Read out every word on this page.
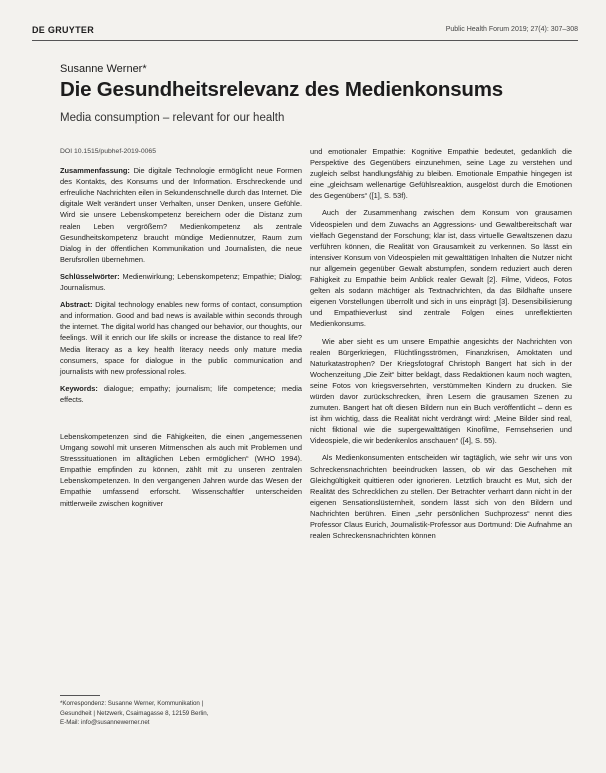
DE GRUYTER	Public Health Forum 2019; 27(4): 307–308
Susanne Werner*
Die Gesundheitsrelevanz des Medienkonsums
Media consumption – relevant for our health

DOI 10.1515/pubhef-2019-0065

Zusammenfassung: Die digitale Technologie ermöglicht neue Formen des Kontakts, des Konsums und der Information. Erschreckende und erfreuliche Nachrichten eilen in Sekundenschnelle durch das Internet. Die digitale Welt verändert unser Verhalten, unser Denken, unsere Gefühle. Wird sie unsere Lebenskompetenz bereichern oder die Distanz zum realen Leben vergrößern? Medienkompetenz als zentrale Gesundheitskompetenz braucht mündige Mediennutzer, Raum zum Dialog in der öffentlichen Kommunikation und Journalisten, die neue Berufsrollen übernehmen.

Schlüsselwörter: Medienwirkung; Lebenskompetenz; Empathie; Dialog; Journalismus.

Abstract: Digital technology enables new forms of contact, consumption and information. Good and bad news is available within seconds through the internet. The digital world has changed our behavior, our thoughts, our feelings. Will it enrich our life skills or increase the distance to real life? Media literacy as a key health literacy needs only mature media consumers, space for dialogue in the public communication and journalists with new professional roles.

Keywords: dialogue; empathy; journalism; life competence; media effects.

Lebenskompetenzen sind die Fähigkeiten, die einen „angemessenen Umgang sowohl mit unseren Mitmenschen als auch mit Problemen und Stresssituationen im alltäglichen Leben ermöglichen“ (WHO 1994). Empathie empfinden zu können, zählt mit zu unseren zentralen Lebenskompetenzen. In den vergangenen Jahren wurde das Wesen der Empathie umfassend erforscht. Wissenschaftler unterscheiden mittlerweile zwischen kognitiver

*Korrespondenz: Susanne Werner, Kommunikation |
Gesundheit | Netzwerk, Csaimagasse 8, 12159 Berlin,
E-Mail: info@susannewerner.net

und emotionaler Empathie: Kognitive Empathie bedeutet, gedanklich die Perspektive des Gegenübers einzunehmen, seine Lage zu verstehen und zugleich selbst handlungsfähig zu bleiben. Emotionale Empathie hingegen ist eine „gleichsam wellenartige Gefühlsreaktion, ausgelöst durch die Emotionen des Gegenübers“ ([1], S. 53f).

Auch der Zusammenhang zwischen dem Konsum von grausamen Videospielen und dem Zuwachs an Aggressions- und Gewaltbereitschaft war vielfach Gegenstand der Forschung; klar ist, dass virtuelle Gewaltszenen dazu verführen können, die Realität von Grausamkeit zu verkennen. So lässt ein intensiver Konsum von Videospielen mit gewalttätigen Inhalten die Nutzer nicht nur allgemein gegenüber Gewalt abstumpfen, sondern reduziert auch deren Fähigkeit zu Empathie beim Anblick realer Gewalt [2]. Filme, Videos, Fotos gelten als sodann mächtiger als Textnachrichten, da das Bildhafte unsere eigenen Vorstellungen überrollt und sich in uns einprägt [3]. Desensibilisierung und Empathieverlust sind zentrale Folgen eines unreflektierten Medienkonsums.

Wie aber sieht es um unsere Empathie angesichts der Nachrichten von realen Bürgerkriegen, Flüchtlingsströmen, Finanzkrisen, Amoktaten und Naturkatastrophen? Der Kriegsfotograf Christoph Bangert hat sich in der Wochenzeitung „Die Zeit“ bitter beklagt, dass Redaktionen kaum noch wagten, seine Fotos von kriegsversehrten, verstümmelten Kindern zu drucken. Sie würden davor zurückschrecken, ihren Lesern die grausamen Szenen zu zumuten. Bangert hat oft diesen Bildern nun ein Buch veröffentlicht – denn es ist ihm wichtig, dass die Realität nicht verdrängt wird: „Meine Bilder sind real, nicht fiktional wie die supergewalttätigen Kinofilme, Fernsehserien und Videospiele, die wir bedenkenlos anschauen“ ([4], S. 55).

Als Medienkonsumenten entscheiden wir tagtäglich, wie sehr wir uns von Schreckensnachrichten beeindrucken lassen, ob wir das Geschehen mit Gleichgültigkeit quittieren oder ignorieren. Letztlich braucht es Mut, sich der Realität des Schrecklichen zu stellen. Der Betrachter verharrt dann nicht in der eigenen Sensationslüsternheit, sondern lässt sich von den Bildern und Nachrichten berühren. Einen „sehr persönlichen Suchprozess“ nennt dies Professor Claus Eurich, Journalistik-Professor aus Dortmund: Die Aufnahme an realen Schreckensnachrichten können
